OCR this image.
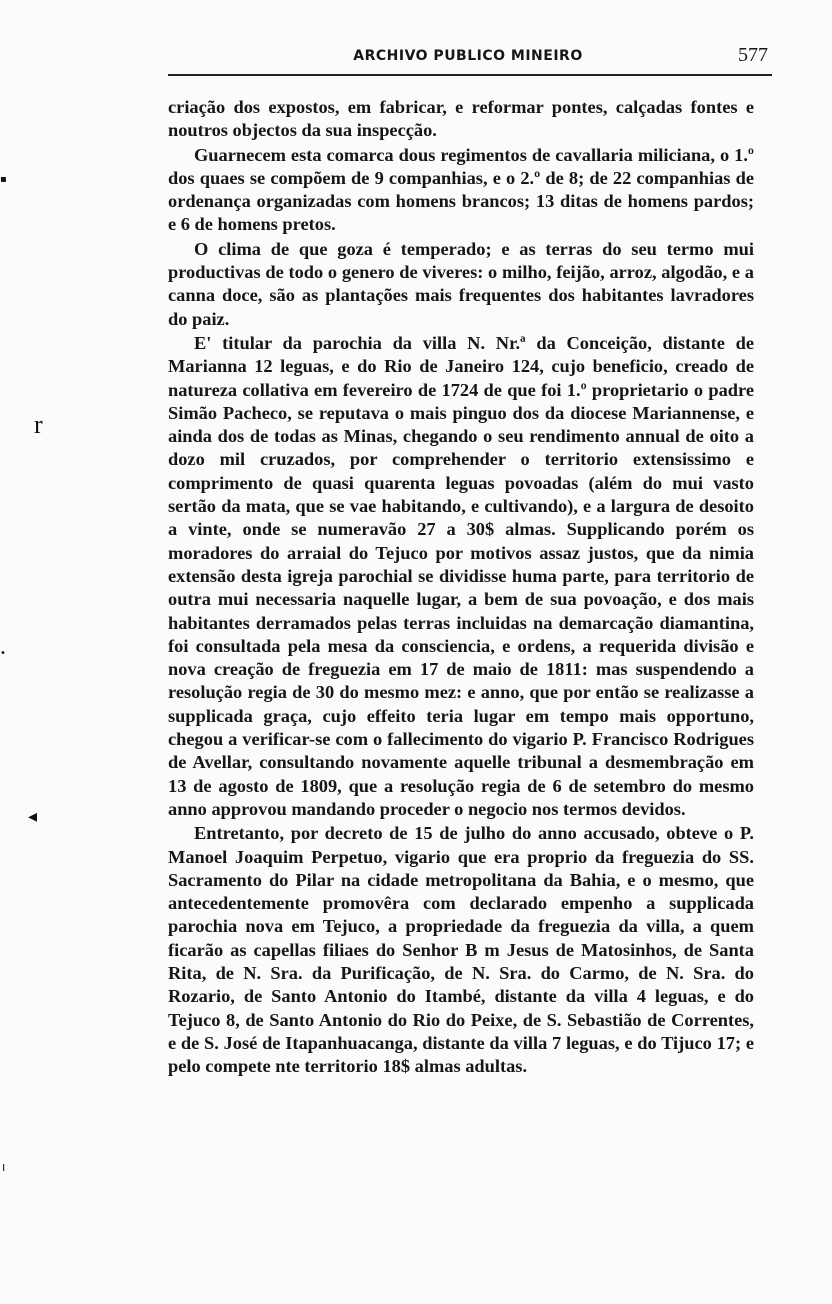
ARCHIVO PUBLICO MINEIRO	577

criação dos expostos, em fabricar, e reformar pontes, calçadas fontes e noutros objectos da sua inspecção.

Guarnecem esta comarca dous regimentos de cavallaria miliciana, o 1.º dos quaes se compõem de 9 companhias, e o 2.º de 8; de 22 companhias de ordenança organizadas com homens brancos; 13 ditas de homens pardos; e 6 de homens pretos.

O clima de que goza é temperado; e as terras do seu termo mui productivas de todo o genero de viveres: o milho, feijão, arroz, algodão, e a canna doce, são as plantações mais frequentes dos habitantes lavradores do paiz.

E' titular da parochia da villa N. Nr.ª da Conceição, distante de Marianna 12 leguas, e do Rio de Janeiro 124, cujo beneficio, creado de natureza collativa em fevereiro de 1724 de que foi 1.º proprietario o padre Simão Pacheco, se reputava o mais pinguo dos da diocese Mariannense, e ainda dos de todas as Minas, chegando o seu rendimento annual de oito a dozo mil cruzados, por comprehender o territorio extensissimo e comprimento de quasi quarenta leguas povoadas (além do mui vasto sertão da mata, que se vae habitando, e cultivando), e a largura de desoito a vinte, onde se numeravão 27 a 30$ almas. Supplicando porém os moradores do arraial do Tejuco por motivos assaz justos, que da nimia extensão desta igreja parochial se dividisse huma parte, para territorio de outra mui necessaria naquelle lugar, a bem de sua povoação, e dos mais habitantes derramados pelas terras incluidas na demarcação diamantina, foi consultada pela mesa da consciencia, e ordens, a requerida divisão e nova creação de freguezia em 17 de maio de 1811: mas suspendendo a resolução regia de 30 do mesmo mez: e anno, que por então se realizasse a supplicada graça, cujo effeito teria lugar em tempo mais opportuno, chegou a verificar-se com o fallecimento do vigario P. Francisco Rodrigues de Avellar, consultando novamente aquelle tribunal a desmembração em 13 de agosto de 1809, que a resolução regia de 6 de setembro do mesmo anno approvou mandando proceder o negocio nos termos devidos.

Entretanto, por decreto de 15 de julho do anno accusado, obteve o P. Manoel Joaquim Perpetuo, vigario que era proprio da freguezia do SS. Sacramento do Pilar na cidade metropolitana da Bahia, e o mesmo, que antecedentemente promovêra com declarado empenho a supplicada parochia nova em Tejuco, a propriedade da freguezia da villa, a quem ficarão as capellas filiaes do Senhor B m Jesus de Matosinhos, de Santa Rita, de N. Sra. da Purificação, de N. Sra. do Carmo, de N. Sra. do Rozario, de Santo Antonio do Itambé, distante da villa 4 leguas, e do Tejuco 8, de Santo Antonio do Rio do Peixe, de S. Sebastião de Correntes, e de S. José de Itapanhuacanga, distante da villa 7 leguas, e do Tijuco 17; e pelo compete nte territorio 18$ almas adultas.

▪
r
•
◂
ı
